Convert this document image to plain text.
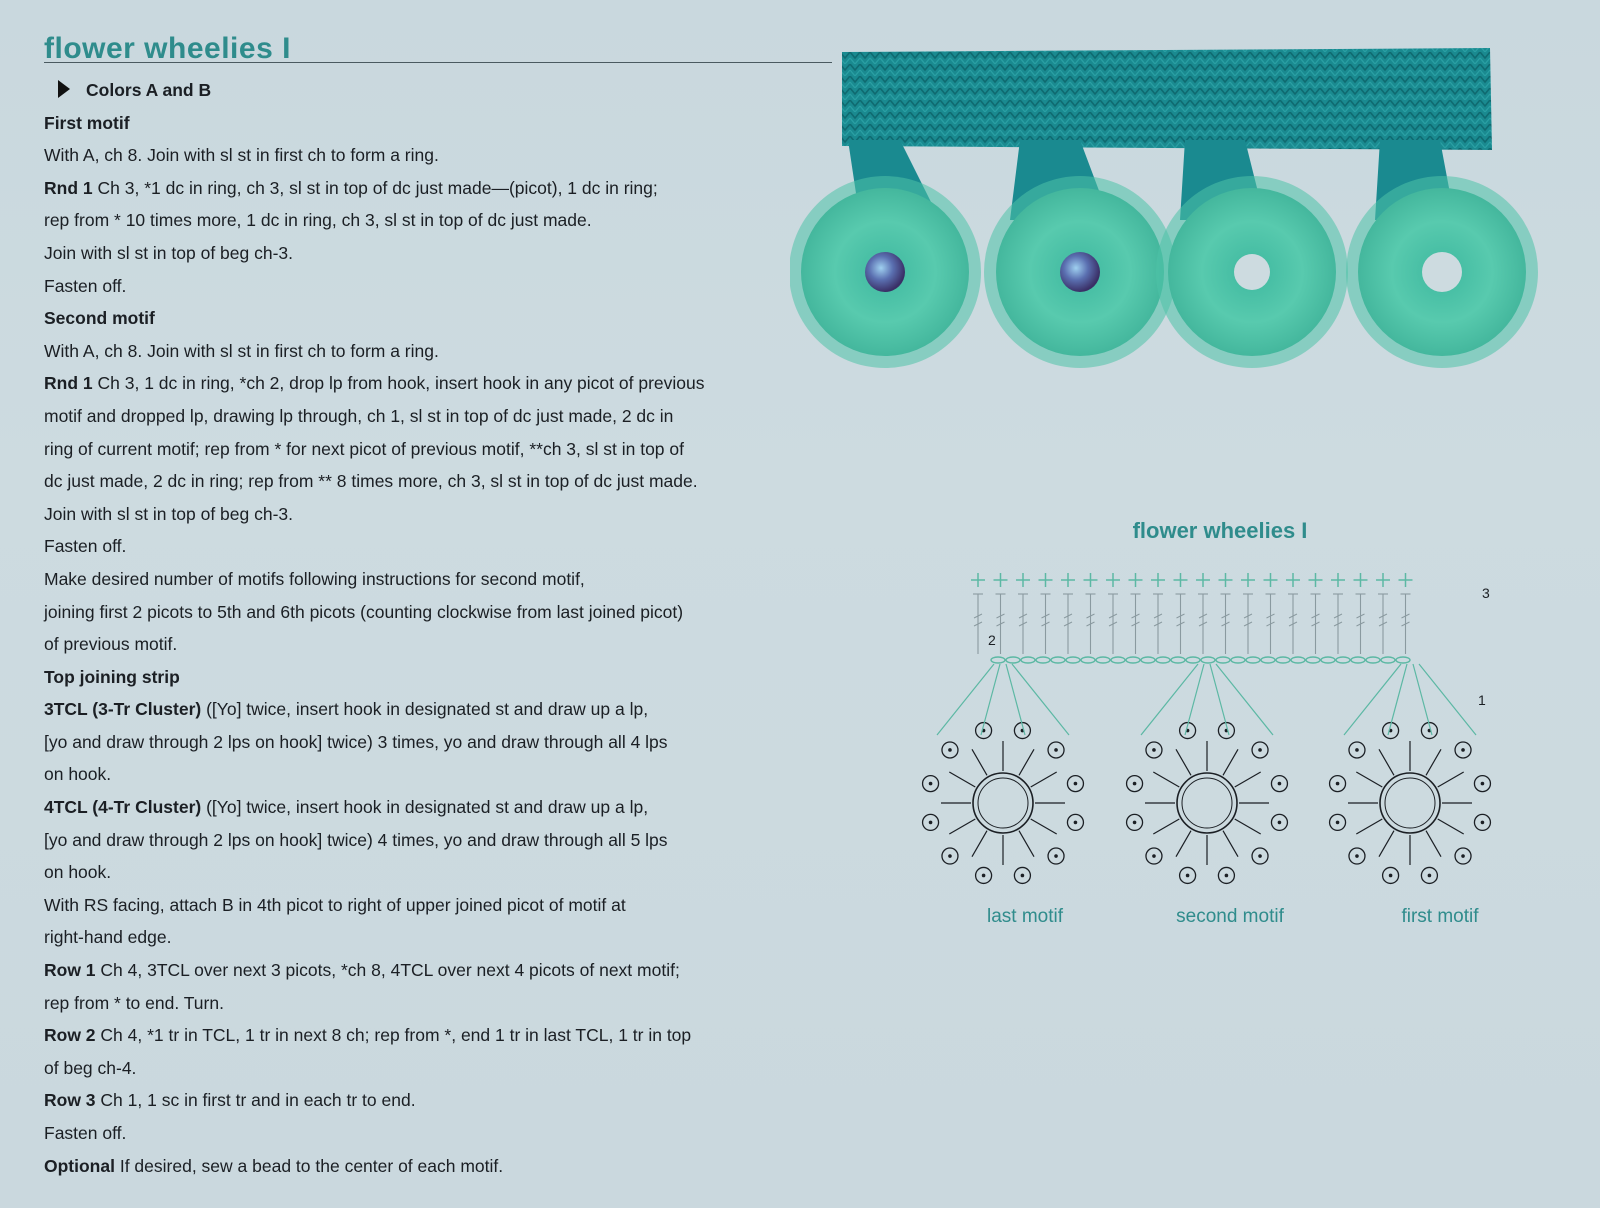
flower wheelies I
Colors A and B
First motif
With A, ch 8. Join with sl st in first ch to form a ring.
Rnd 1 Ch 3, *1 dc in ring, ch 3, sl st in top of dc just made—(picot), 1 dc in ring;
rep from * 10 times more, 1 dc in ring, ch 3, sl st in top of dc just made.
Join with sl st in top of beg ch-3.
Fasten off.
Second motif
With A, ch 8. Join with sl st in first ch to form a ring.
Rnd 1 Ch 3, 1 dc in ring, *ch 2, drop lp from hook, insert hook in any picot of previous
motif and dropped lp, drawing lp through, ch 1, sl st in top of dc just made, 2 dc in
ring of current motif; rep from * for next picot of previous motif, **ch 3, sl st in top of
dc just made, 2 dc in ring; rep from ** 8 times more, ch 3, sl st in top of dc just made.
Join with sl st in top of beg ch-3.
Fasten off.
Make desired number of motifs following instructions for second motif,
joining first 2 picots to 5th and 6th picots (counting clockwise from last joined picot)
of previous motif.
Top joining strip
3TCL (3-Tr Cluster) ([Yo] twice, insert hook in designated st and draw up a lp,
[yo and draw through 2 lps on hook] twice) 3 times, yo and draw through all 4 lps
on hook.
4TCL (4-Tr Cluster) ([Yo] twice, insert hook in designated st and draw up a lp,
[yo and draw through 2 lps on hook] twice) 4 times, yo and draw through all 5 lps
on hook.
With RS facing, attach B in 4th picot to right of upper joined picot of motif at
right-hand edge.
Row 1 Ch 4, 3TCL over next 3 picots, *ch 8, 4TCL over next 4 picots of next motif;
rep from * to end. Turn.
Row 2 Ch 4, *1 tr in TCL, 1 tr in next 8 ch; rep from *, end 1 tr in last TCL, 1 tr in top
of beg ch-4.
Row 3 Ch 1, 1 sc in first tr and in each tr to end.
Fasten off.
Optional If desired, sew a bead to the center of each motif.
flower wheelies I
3
2
1
last motif	second motif	first motif
